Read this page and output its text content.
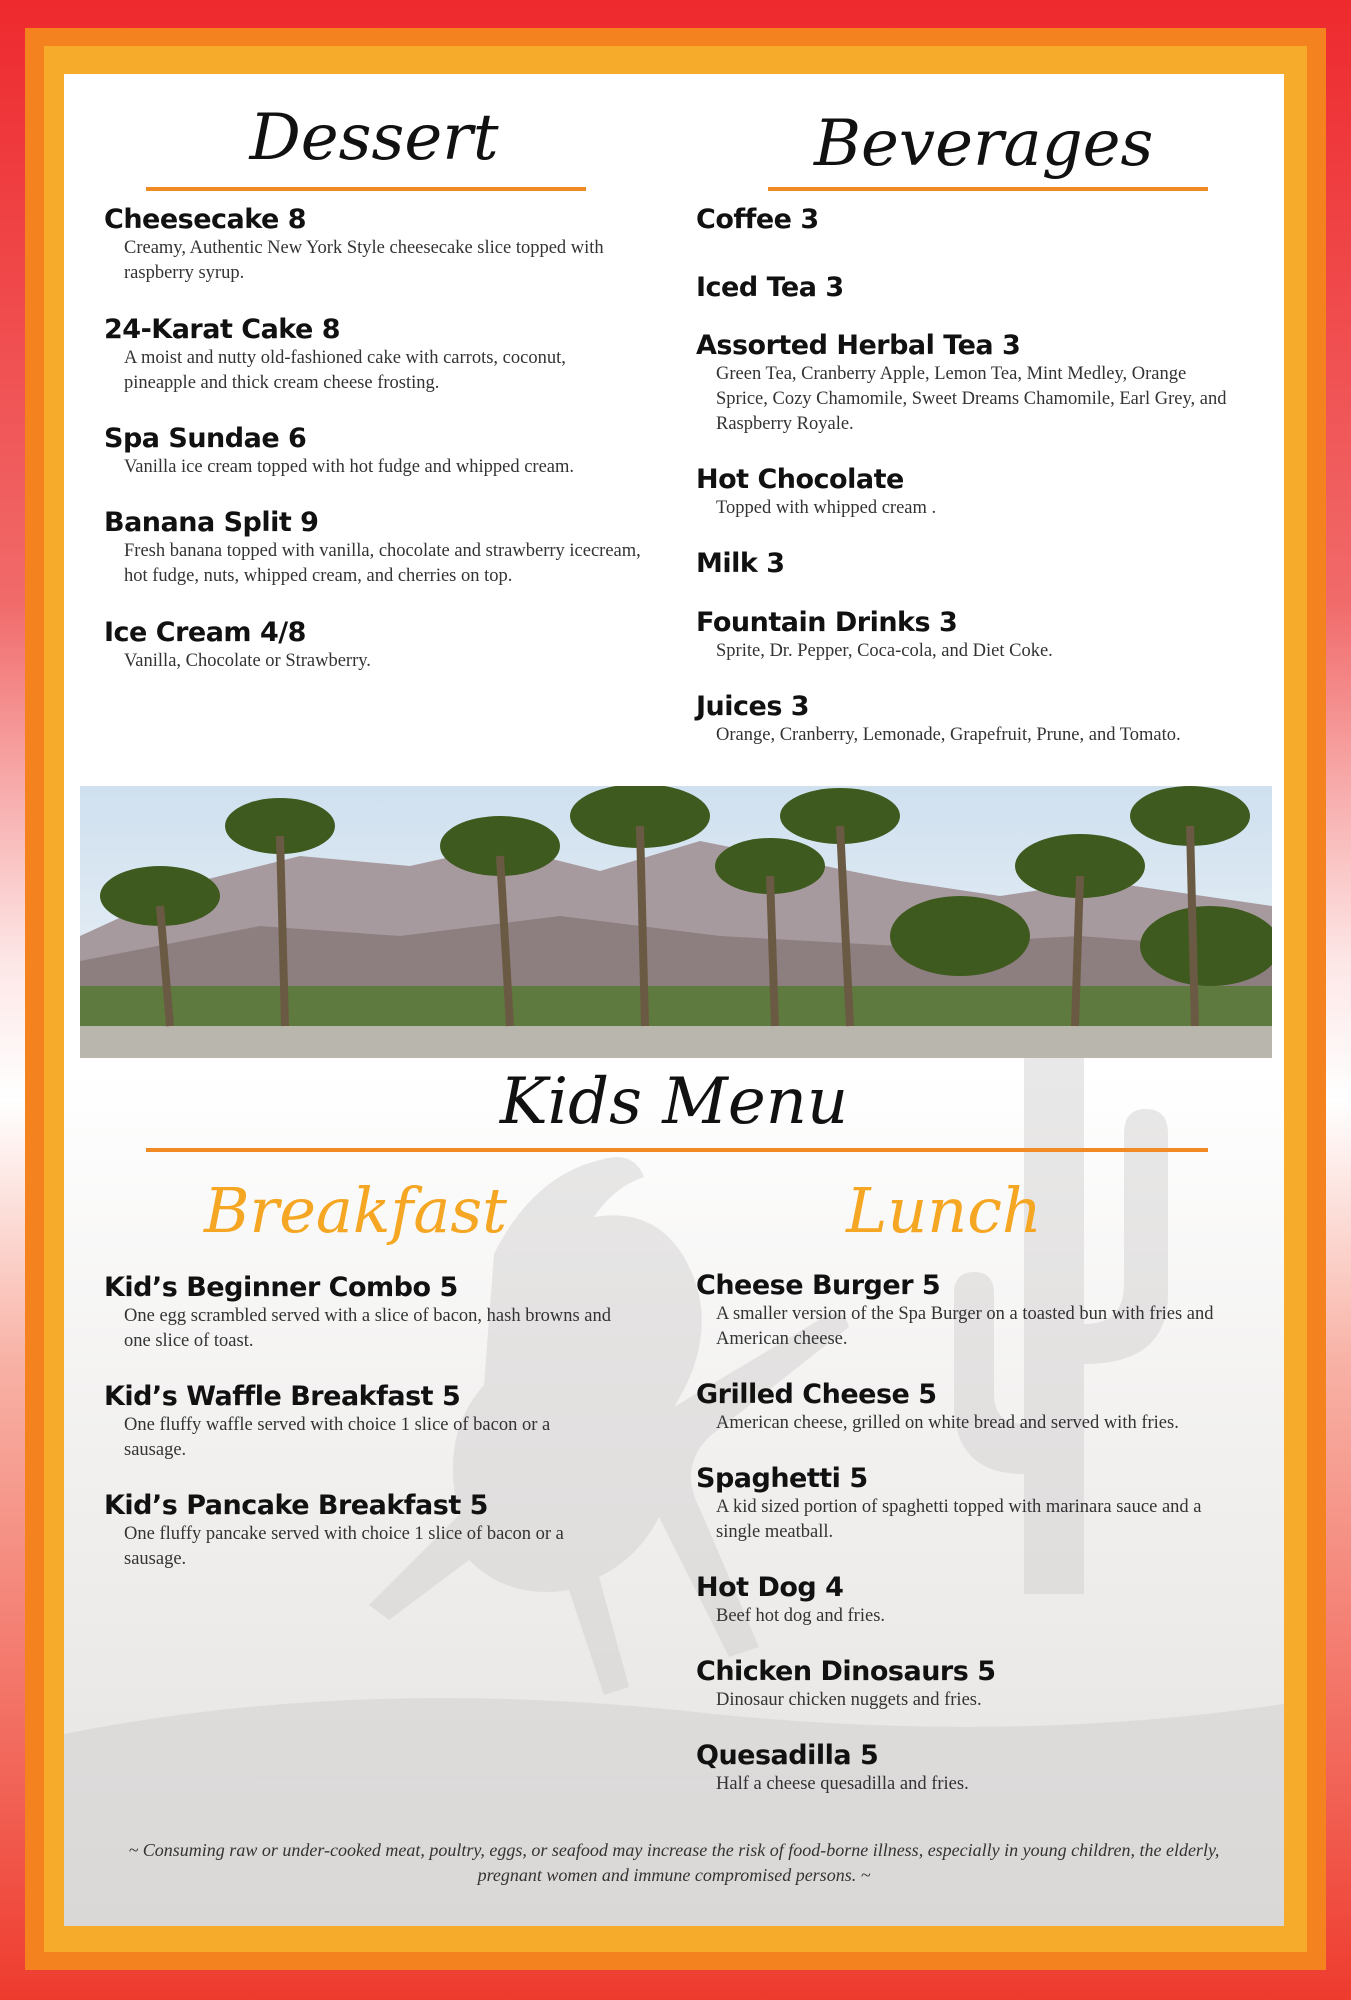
Dessert
Cheesecake 8
Creamy, Authentic New York Style cheesecake slice topped with raspberry syrup.
24-Karat Cake 8
A moist and nutty old-fashioned cake with carrots, coconut, pineapple and thick cream cheese frosting.
Spa Sundae 6
Vanilla ice cream topped with hot fudge and whipped cream.
Banana Split 9
Fresh banana topped with vanilla, chocolate and strawberry icecream, hot fudge, nuts, whipped cream, and cherries on top.
Ice Cream 4/8
Vanilla, Chocolate or Strawberry.
Beverages
Coffee 3
Iced Tea 3
Assorted Herbal Tea 3
Green Tea, Cranberry Apple, Lemon Tea, Mint Medley, Orange Sprice, Cozy Chamomile, Sweet Dreams Chamomile, Earl Grey, and Raspberry Royale.
Hot Chocolate
Topped with whipped cream .
Milk 3
Fountain Drinks 3
Sprite, Dr. Pepper, Coca-cola, and Diet Coke.
Juices 3
Orange, Cranberry, Lemonade, Grapefruit, Prune, and Tomato.
Kids Menu
Breakfast	Lunch
Kid’s Beginner Combo 5
One egg scrambled served with a slice of bacon, hash browns and one slice of toast.
Kid’s Waffle Breakfast 5
One fluffy waffle served with choice 1 slice of bacon or a sausage.
Kid’s Pancake Breakfast 5
One fluffy pancake served with choice 1 slice of bacon or a sausage.
Cheese Burger 5
A smaller version of the Spa Burger on a toasted bun with fries and American cheese.
Grilled Cheese 5
American cheese, grilled on white bread and served with fries.
Spaghetti 5
A kid sized portion of spaghetti topped with marinara sauce and a single meatball.
Hot Dog 4
Beef hot dog and fries.
Chicken Dinosaurs 5
Dinosaur chicken nuggets and fries.
Quesadilla 5
Half a cheese quesadilla and fries.
~ Consuming raw or under-cooked meat, poultry, eggs, or seafood may increase the risk of food-borne illness, especially in young children, the elderly, pregnant women and immune compromised persons. ~
